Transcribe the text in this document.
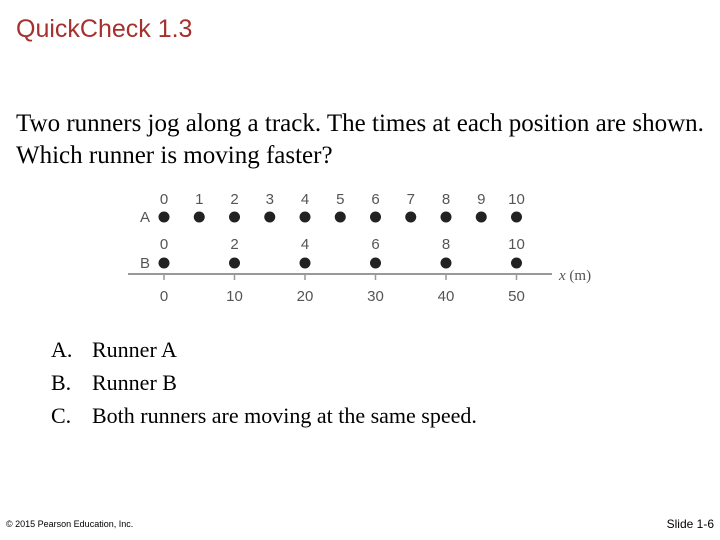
QuickCheck 1.3
Two runners jog along a track. The times at each position are shown. Which runner is moving faster?
A
0 1 2 3 4 5 6 7 8 9 10
B
0	2	4	6	8	10
0	10	20	30	40	50
x (m)
A. Runner A
B. Runner B
C. Both runners are moving at the same speed.
© 2015 Pearson Education, Inc.	Slide 1-6
